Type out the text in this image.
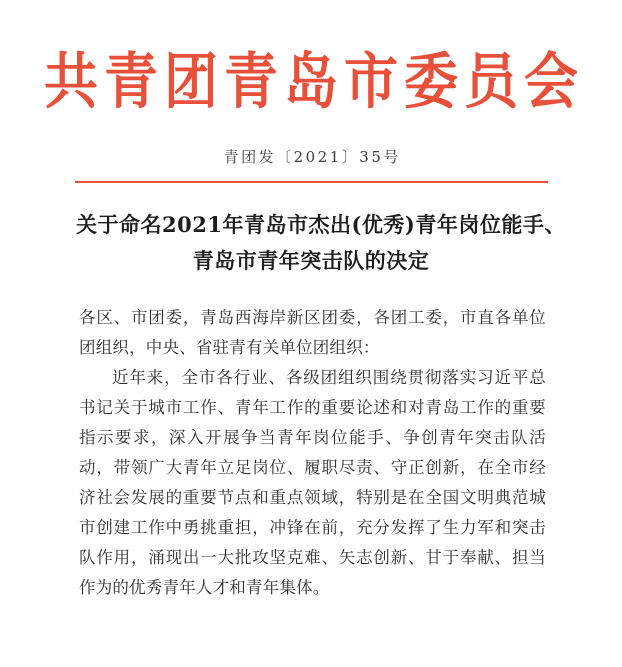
共青团青岛市委员会
青团发〔2021〕35号
关于命名2021年青岛市杰出(优秀)青年岗位能手、
青岛市青年突击队的决定

各区、市团委，青岛西海岸新区团委，各团工委，市直各单位团组织，中央、省驻青有关单位团组织：

近年来，全市各行业、各级团组织围绕贯彻落实习近平总书记关于城市工作、青年工作的重要论述和对青岛工作的重要指示要求，深入开展争当青年岗位能手、争创青年突击队活动，带领广大青年立足岗位、履职尽责、守正创新，在全市经济社会发展的重要节点和重点领域，特别是在全国文明典范城市创建工作中勇挑重担，冲锋在前，充分发挥了生力军和突击队作用，涌现出一大批攻坚克难、矢志创新、甘于奉献、担当作为的优秀青年人才和青年集体。
